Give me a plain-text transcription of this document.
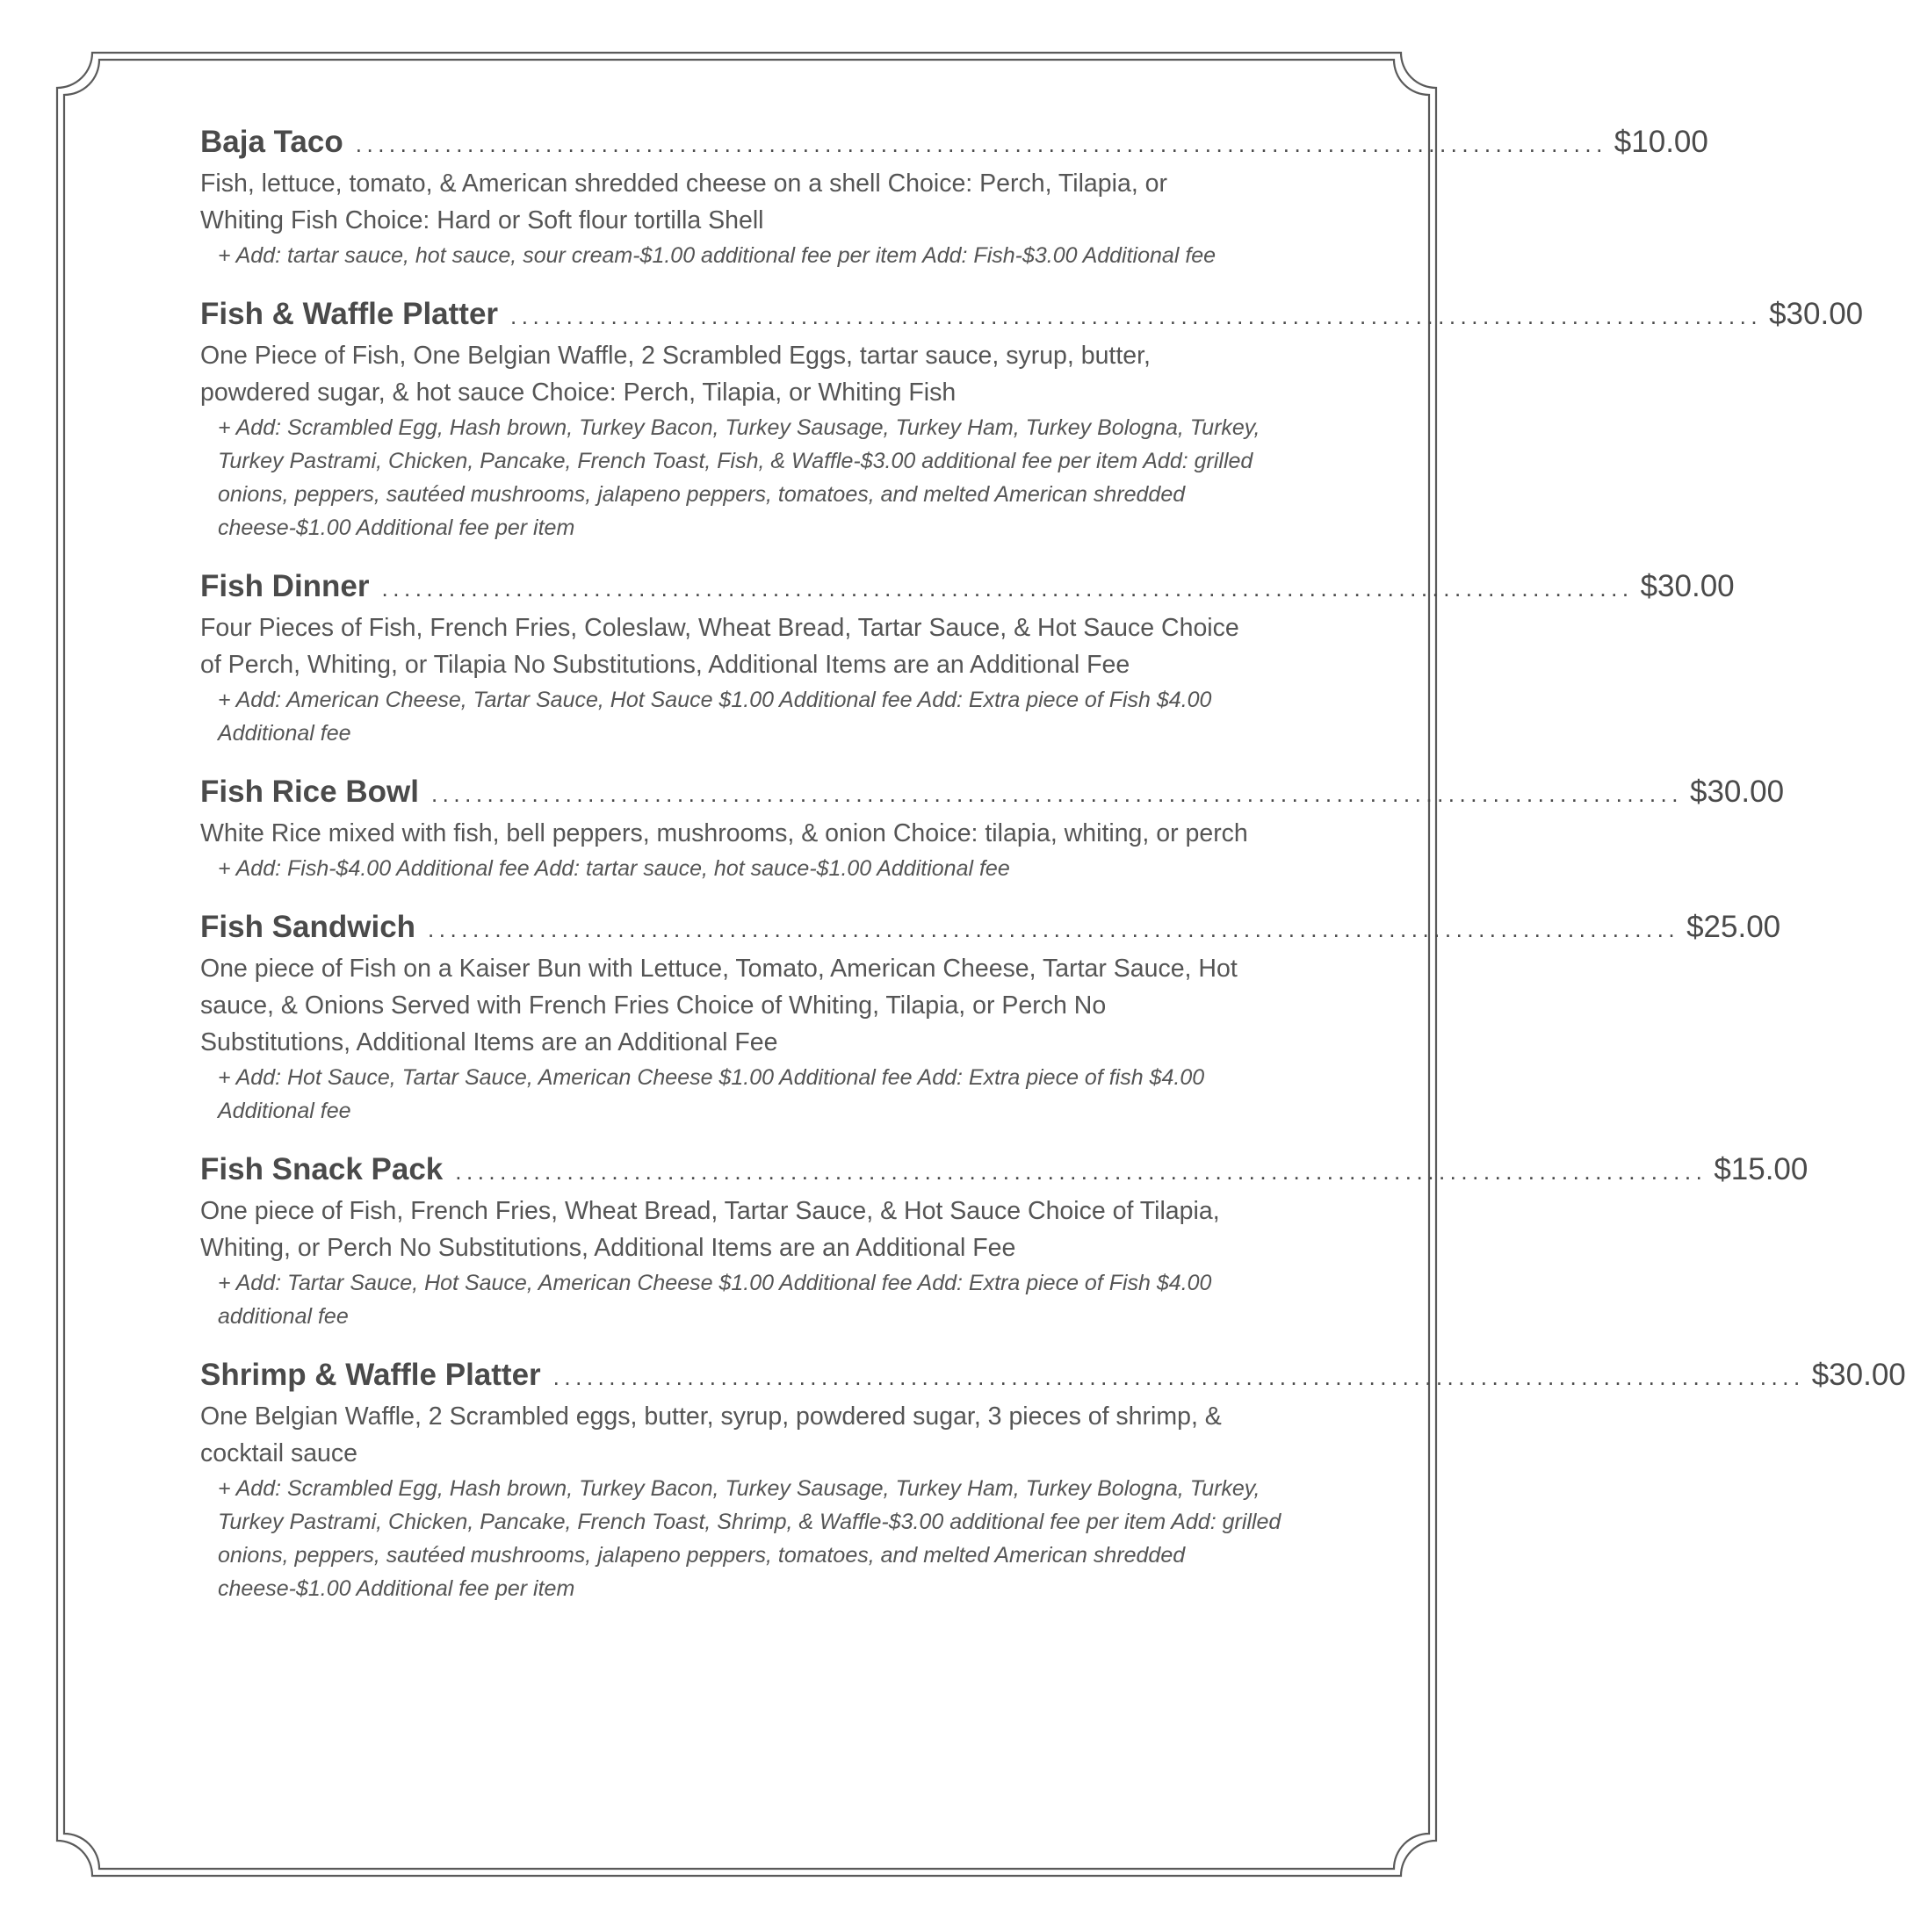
Baja Taco ................................................................................................................ $10.00
Fish, lettuce, tomato, & American shredded cheese on a shell Choice: Perch, Tilapia, or Whiting Fish Choice: Hard or Soft flour tortilla Shell
+ Add: tartar sauce, hot sauce, sour cream-$1.00 additional fee per item Add: Fish-$3.00 Additional fee
Fish & Waffle Platter ................................................................................................................ $30.00
One Piece of Fish, One Belgian Waffle, 2 Scrambled Eggs, tartar sauce, syrup, butter, powdered sugar, & hot sauce Choice: Perch, Tilapia, or Whiting Fish
+ Add: Scrambled Egg, Hash brown, Turkey Bacon, Turkey Sausage, Turkey Ham, Turkey Bologna, Turkey, Turkey Pastrami, Chicken, Pancake, French Toast, Fish, & Waffle-$3.00 additional fee per item Add: grilled onions, peppers, sautéed mushrooms, jalapeno peppers, tomatoes, and melted American shredded cheese-$1.00 Additional fee per item
Fish Dinner ................................................................................................................ $30.00
Four Pieces of Fish, French Fries, Coleslaw, Wheat Bread, Tartar Sauce, & Hot Sauce Choice of Perch, Whiting, or Tilapia No Substitutions, Additional Items are an Additional Fee
+ Add: American Cheese, Tartar Sauce, Hot Sauce $1.00 Additional fee Add: Extra piece of Fish $4.00 Additional fee
Fish Rice Bowl ................................................................................................................ $30.00
White Rice mixed with fish, bell peppers, mushrooms, & onion Choice: tilapia, whiting, or perch
+ Add: Fish-$4.00 Additional fee Add: tartar sauce, hot sauce-$1.00 Additional fee
Fish Sandwich ................................................................................................................ $25.00
One piece of Fish on a Kaiser Bun with Lettuce, Tomato, American Cheese, Tartar Sauce, Hot sauce, & Onions Served with French Fries Choice of Whiting, Tilapia, or Perch No Substitutions, Additional Items are an Additional Fee
+ Add: Hot Sauce, Tartar Sauce, American Cheese $1.00 Additional fee Add: Extra piece of fish $4.00 Additional fee
Fish Snack Pack ................................................................................................................ $15.00
One piece of Fish, French Fries, Wheat Bread, Tartar Sauce, & Hot Sauce Choice of Tilapia, Whiting, or Perch No Substitutions, Additional Items are an Additional Fee
+ Add: Tartar Sauce, Hot Sauce, American Cheese $1.00 Additional fee Add: Extra piece of Fish $4.00 additional fee
Shrimp & Waffle Platter ................................................................................................................ $30.00
One Belgian Waffle, 2 Scrambled eggs, butter, syrup, powdered sugar, 3 pieces of shrimp, & cocktail sauce
+ Add: Scrambled Egg, Hash brown, Turkey Bacon, Turkey Sausage, Turkey Ham, Turkey Bologna, Turkey, Turkey Pastrami, Chicken, Pancake, French Toast, Shrimp, & Waffle-$3.00 additional fee per item Add: grilled onions, peppers, sautéed mushrooms, jalapeno peppers, tomatoes, and melted American shredded cheese-$1.00 Additional fee per item
